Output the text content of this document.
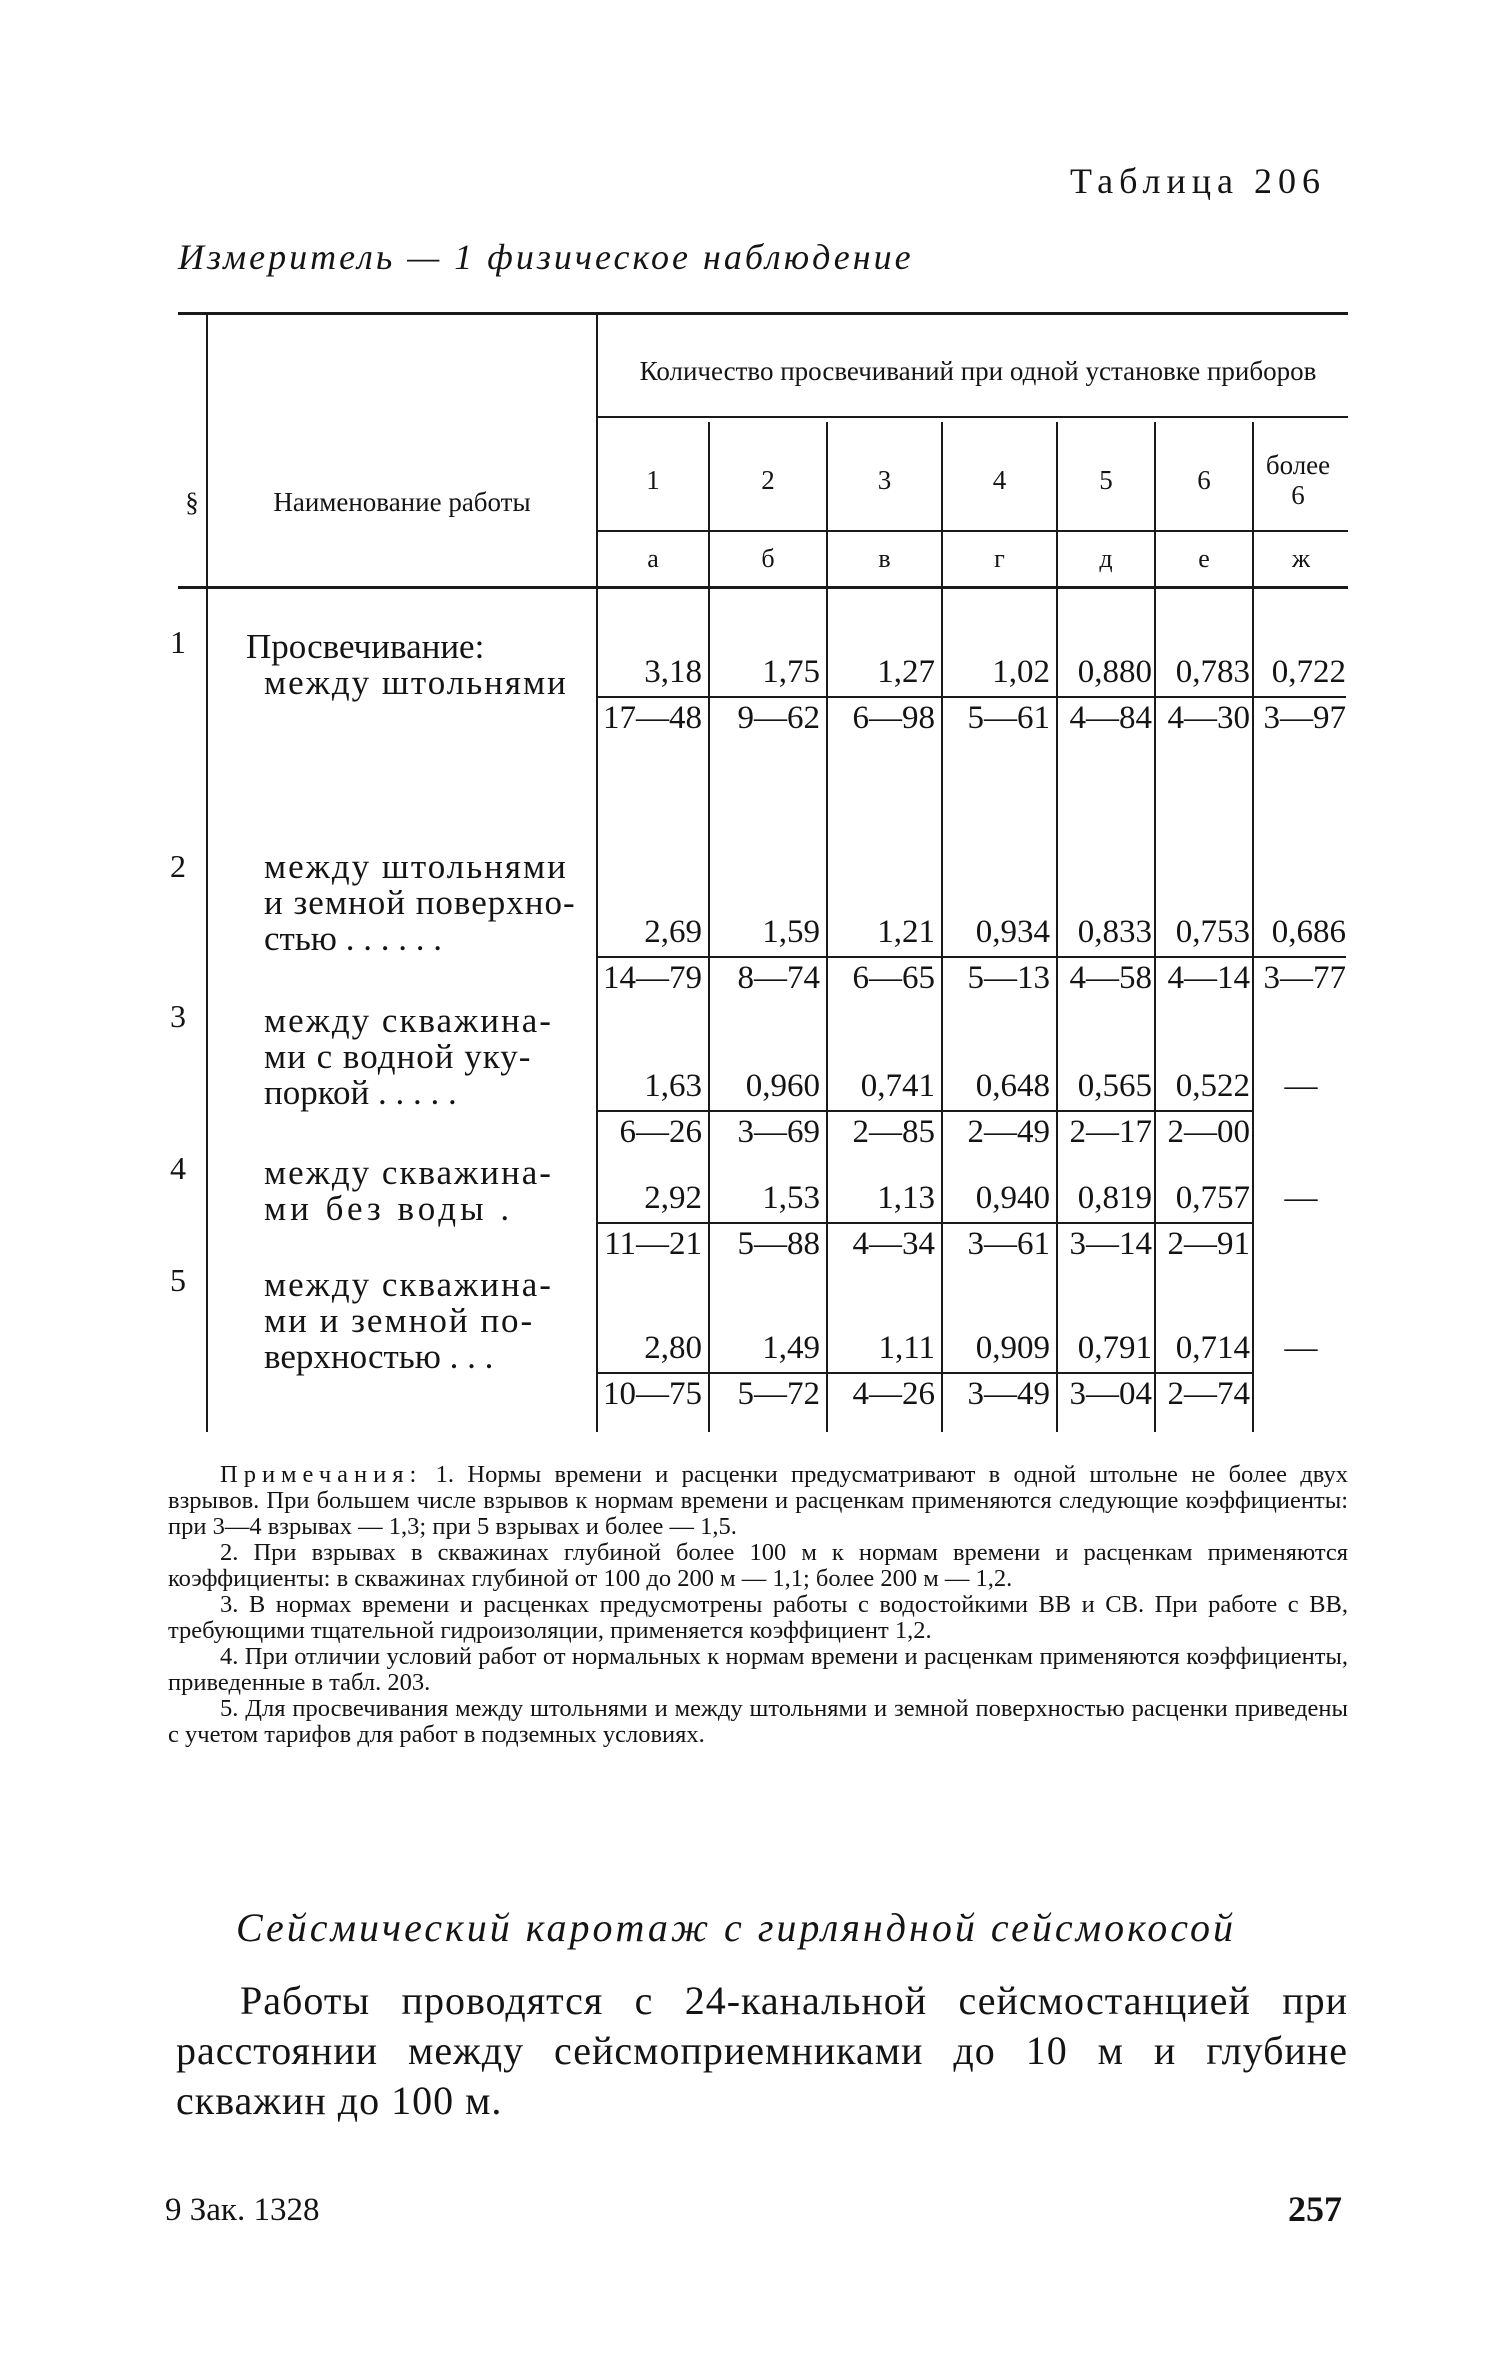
Таблица 206
Измеритель — 1 физическое наблюдение
§	Наименование работы
Количество просвечиваний при одной установке приборов
1	2	3	4	5	6	более 6
а	б	в	г	д	е	ж
1 Просвечивание:
между штольнями	3,18	1,75	1,27	1,02 0,880 0,783 0,722
17—48	9—62 6—98 5—61 4—84 4—30 3—97
2 между штольнями
и земной поверхно-
стью . . . . . .	2,69	1,59	1,21	0,934 0,833 0,753 0,686
14—79	8—74 6—65 5—13 4—58 4—14 3—77
3 между скважина-
ми с водной уку-
поркой . . . . .	1,63	0,960	0,741	0,648 0,565 0,522	—
6—26	3—69 2—85 2—49 2—17 2—00
4 между скважина-
ми без воды .	2,92	1,53	1,13	0,940 0,819 0,757	—
11—21	5—88 4—34 3—61 3—14 2—91
5 между скважина-
ми и земной по-
верхностью . . .	2,80	1,49	1,11	0,909 0,791 0,714	—
10—75	5—72 4—26 3—49 3—04 2—74

Примечания: 1. Нормы времени и расценки предусматривают в одной штольне не более двух взрывов. При большем числе взрывов к нормам времени и расценкам применяются следующие коэффициенты: при 3—4 взрывах — 1,3; при 5 взрывах и более — 1,5.

2. При взрывах в скважинах глубиной более 100 м к нормам времени и расценкам применяются коэффициенты: в скважинах глубиной от 100 до 200 м — 1,1; более 200 м — 1,2.

3. В нормах времени и расценках предусмотрены работы с водостойкими ВВ и СВ. При работе с ВВ, требующими тщательной гидроизоляции, применяется коэффициент 1,2.

4. При отличии условий работ от нормальных к нормам времени и расценкам применяются коэффициенты, приведенные в табл. 203.

5. Для просвечивания между штольнями и между штольнями и земной поверхностью расценки приведены с учетом тарифов для работ в подземных условиях.

Сейсмический каротаж с гирляндной сейсмокосой

Работы проводятся с 24-канальной сейсмостанцией при расстоянии между сейсмоприемниками до 10 м и глубине скважин до 100 м.

9 Зак. 1328	257
